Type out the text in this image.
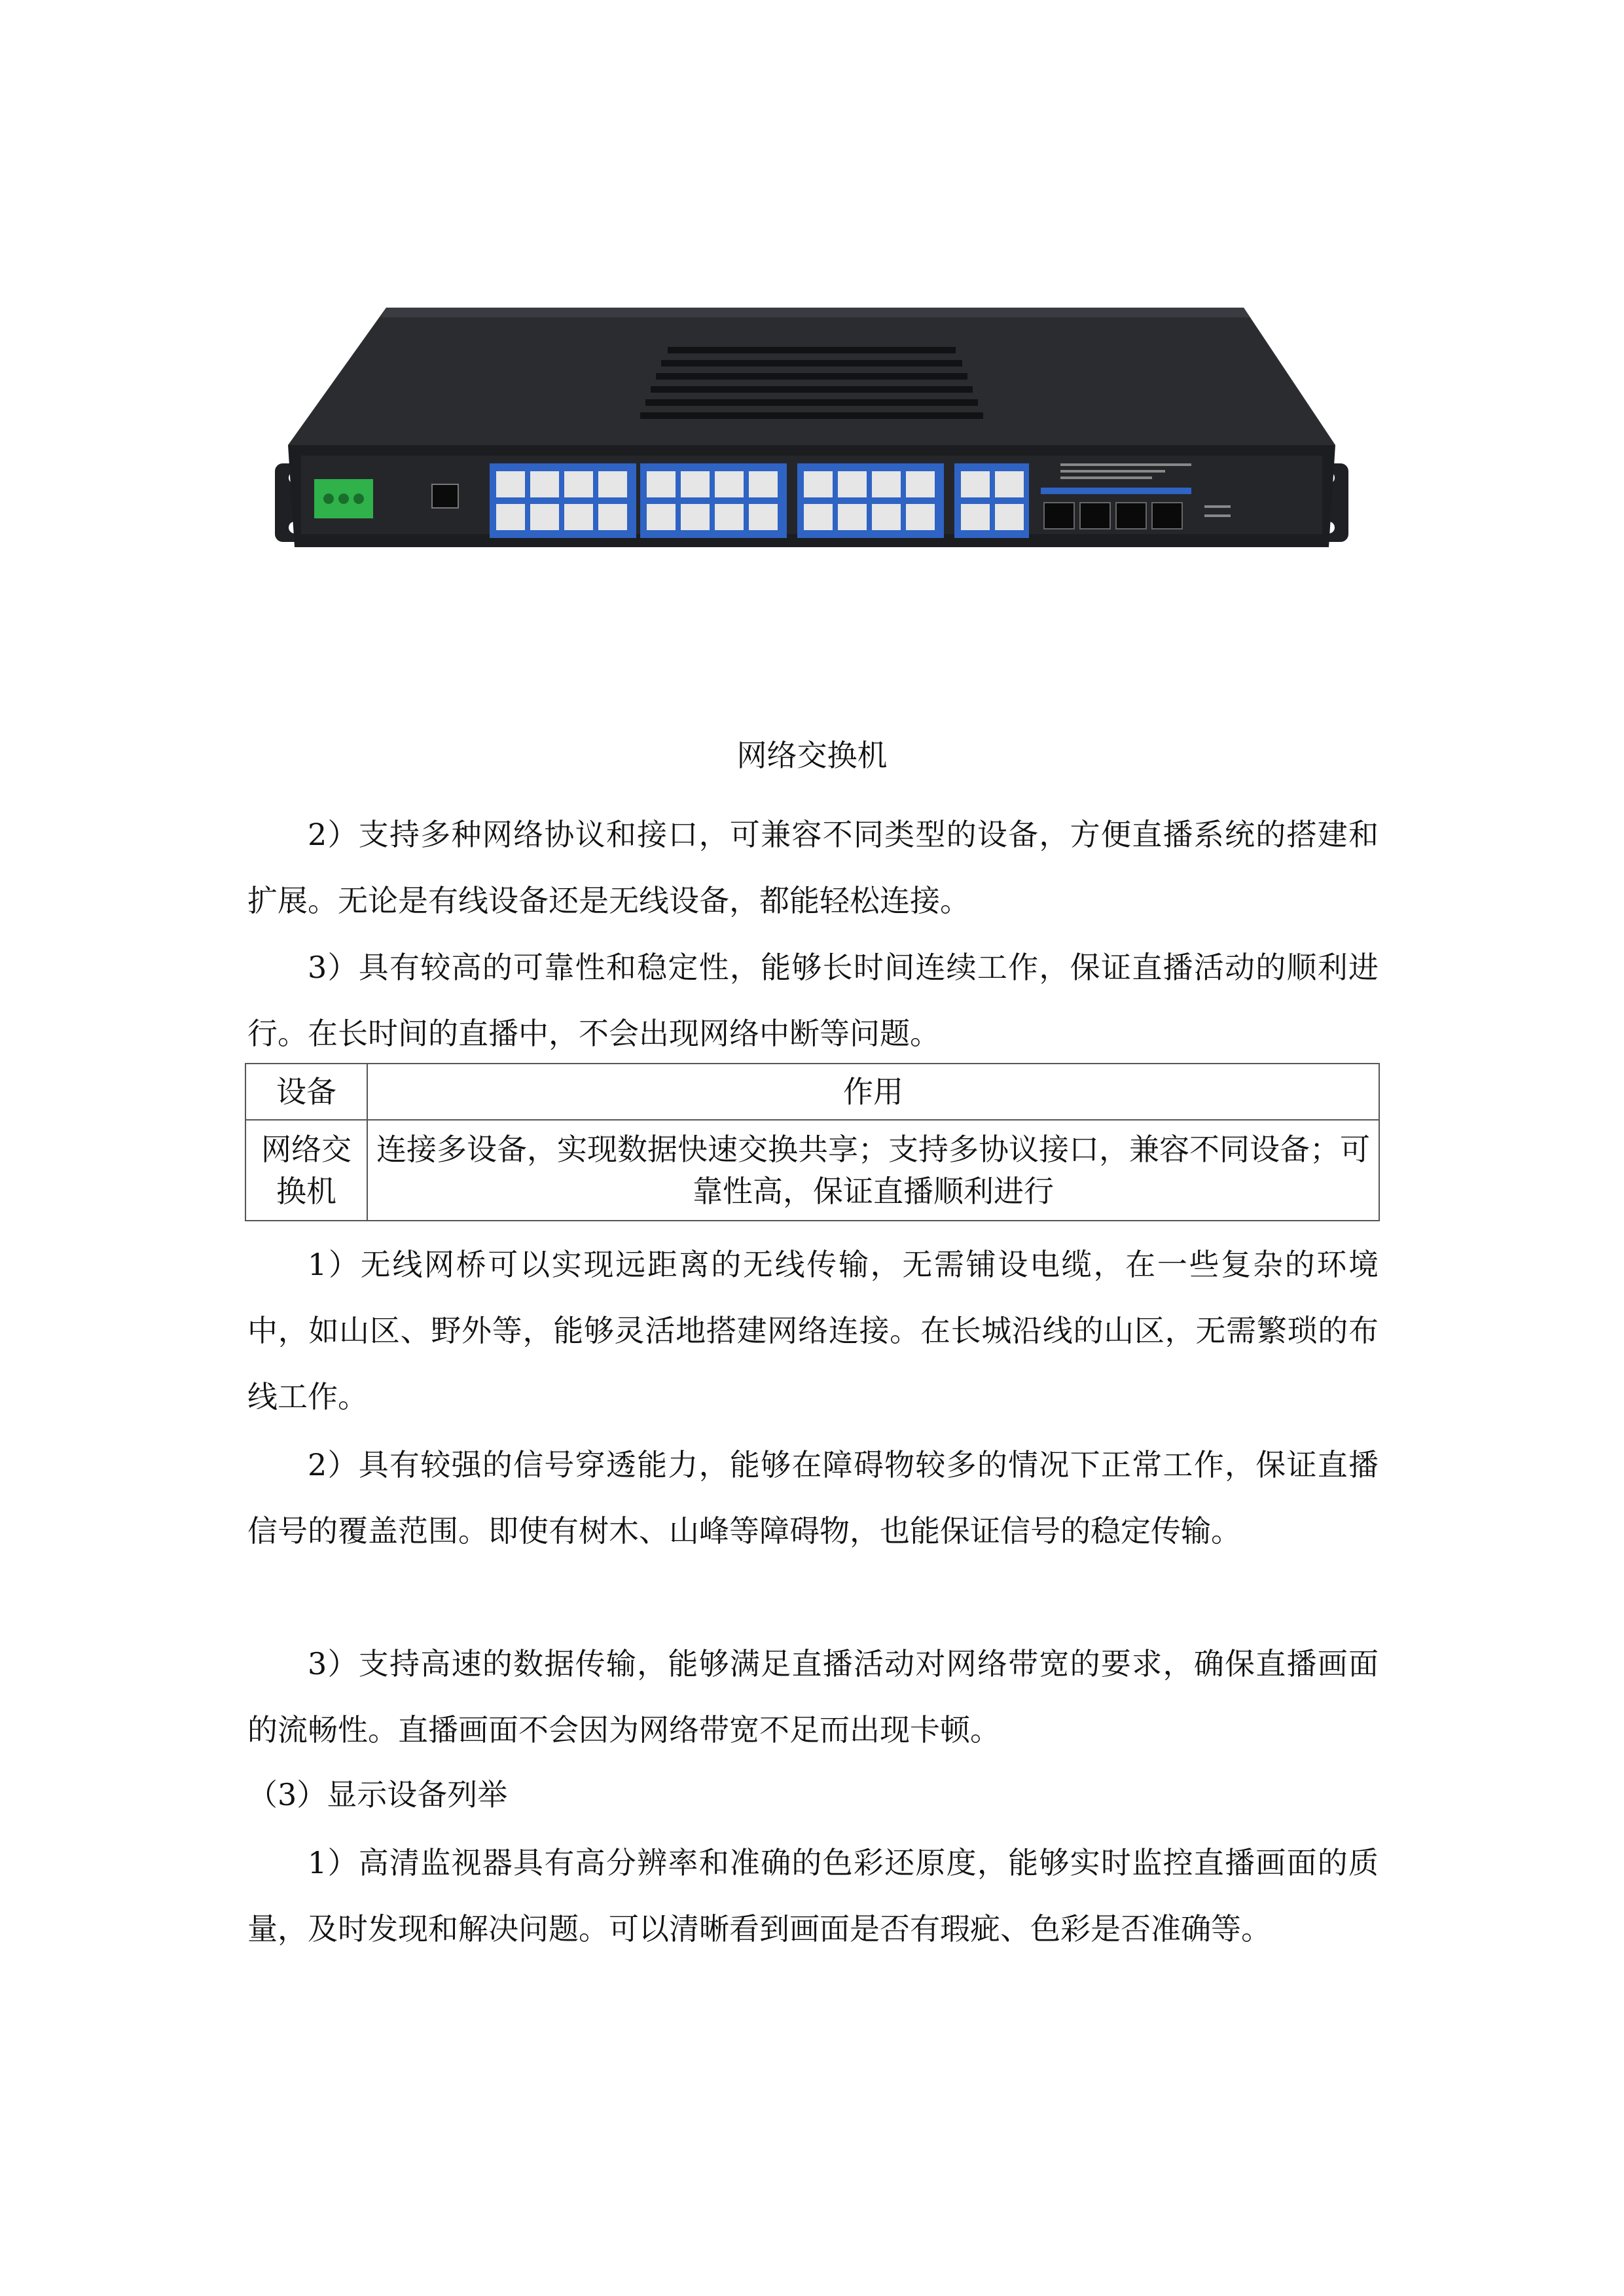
网络交换机

2）支持多种网络协议和接口，可兼容不同类型的设备，方便直播系统的搭建和扩展。无论是有线设备还是无线设备，都能轻松连接。

3）具有较高的可靠性和稳定性，能够长时间连续工作，保证直播活动的顺利进行。在长时间的直播中，不会出现网络中断等问题。

设备	作用
网络交换机	连接多设备，实现数据快速交换共享；支持多协议接口，兼容不同设备；可靠性高，保证直播顺利进行

1）无线网桥可以实现远距离的无线传输，无需铺设电缆，在一些复杂的环境中，如山区、野外等，能够灵活地搭建网络连接。在长城沿线的山区，无需繁琐的布线工作。

2）具有较强的信号穿透能力，能够在障碍物较多的情况下正常工作，保证直播信号的覆盖范围。即使有树木、山峰等障碍物，也能保证信号的稳定传输。

3）支持高速的数据传输，能够满足直播活动对网络带宽的要求，确保直播画面的流畅性。直播画面不会因为网络带宽不足而出现卡顿。

（3）显示设备列举

1）高清监视器具有高分辨率和准确的色彩还原度，能够实时监控直播画面的质量，及时发现和解决问题。可以清晰看到画面是否有瑕疵、色彩是否准确等。
